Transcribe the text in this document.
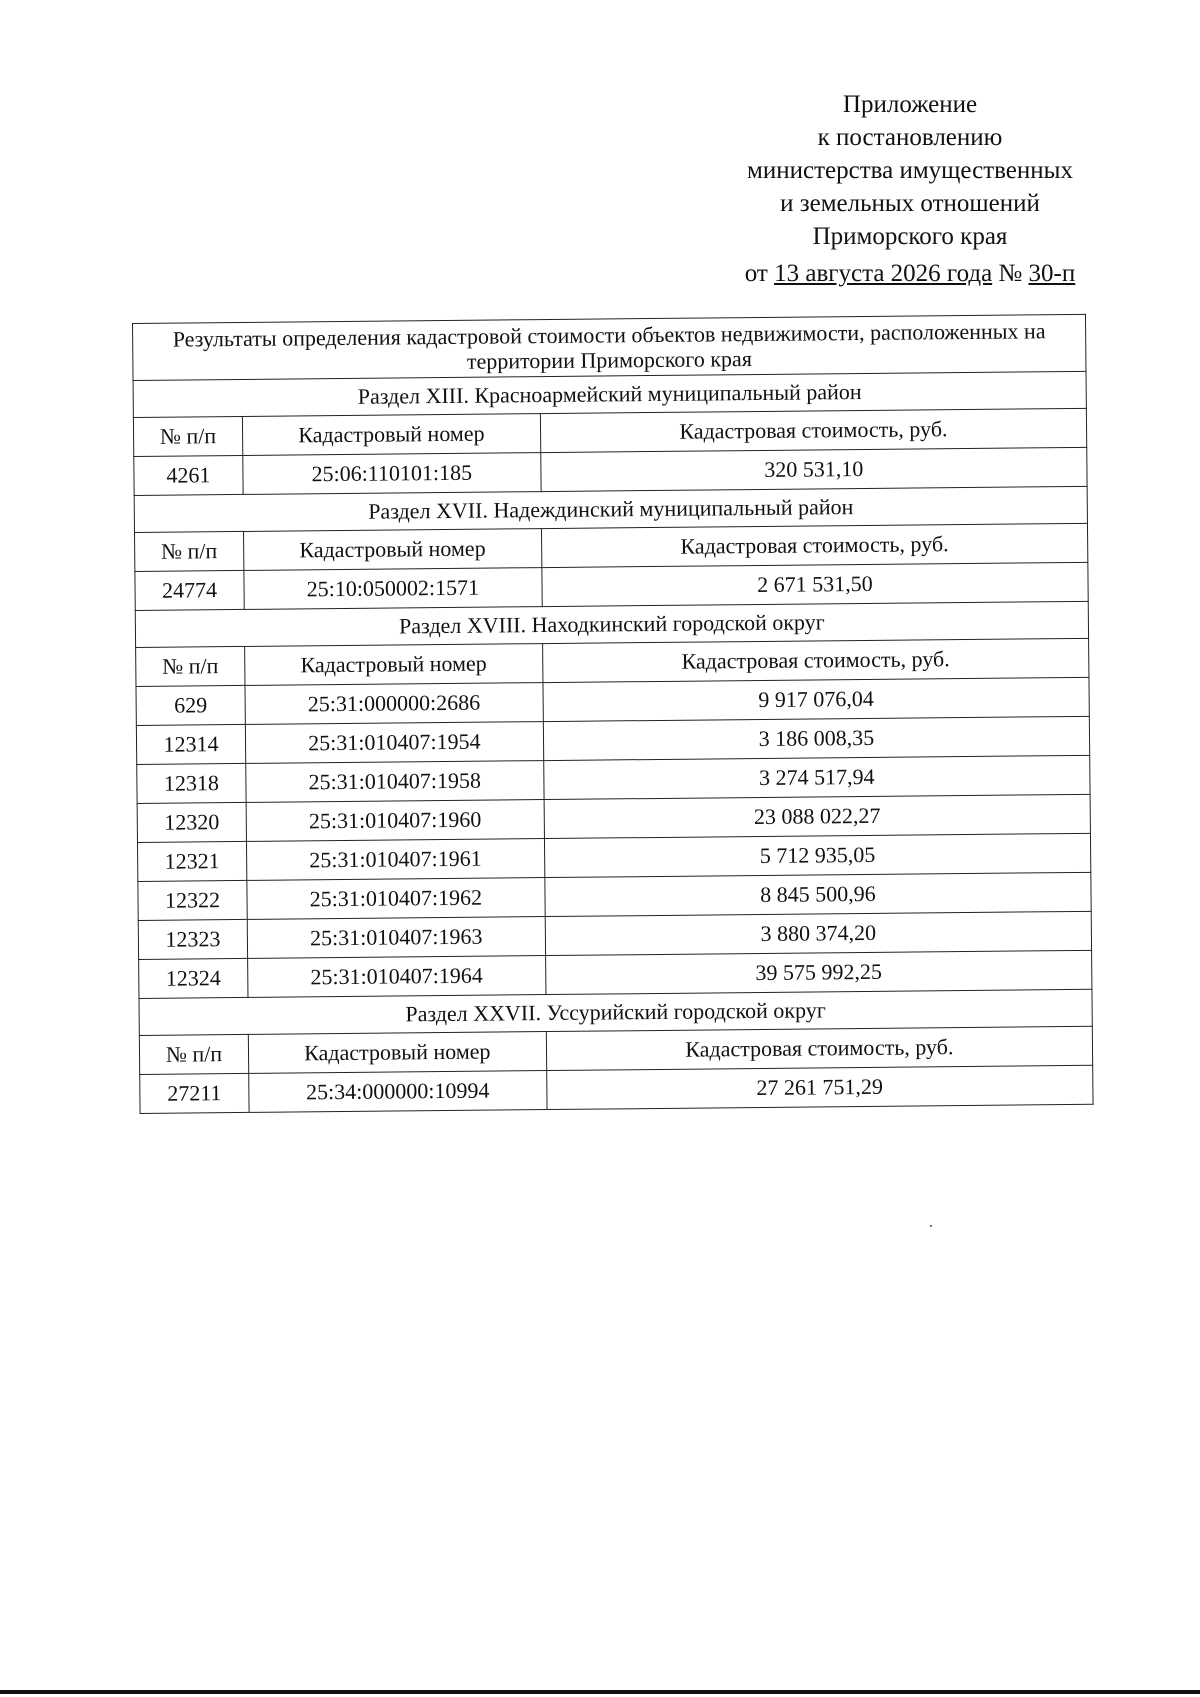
Приложение
к постановлению
министерства имущественных
и земельных отношений
Приморского края
от 13 августа 2026 года № 30-п
Результаты определения кадастровой стоимости объектов недвижимости, расположенных на территории Приморского края		
Раздел XIII. Красноармейский муниципальный район		
№ п/п	Кадастровый номер	Кадастровая стоимость, руб.
4261	25:06:110101:185	320 531,10
Раздел XVII. Надеждинский муниципальный район		
№ п/п	Кадастровый номер	Кадастровая стоимость, руб.
24774	25:10:050002:1571	2 671 531,50
Раздел XVIII. Находкинский городской округ		
№ п/п	Кадастровый номер	Кадастровая стоимость, руб.
629	25:31:000000:2686	9 917 076,04
12314	25:31:010407:1954	3 186 008,35
12318	25:31:010407:1958	3 274 517,94
12320	25:31:010407:1960	23 088 022,27
12321	25:31:010407:1961	5 712 935,05
12322	25:31:010407:1962	8 845 500,96
12323	25:31:010407:1963	3 880 374,20
12324	25:31:010407:1964	39 575 992,25
Раздел XXVII. Уссурийский городской округ		
№ п/п	Кадастровый номер	Кадастровая стоимость, руб.
27211	25:34:000000:10994	27 261 751,29
